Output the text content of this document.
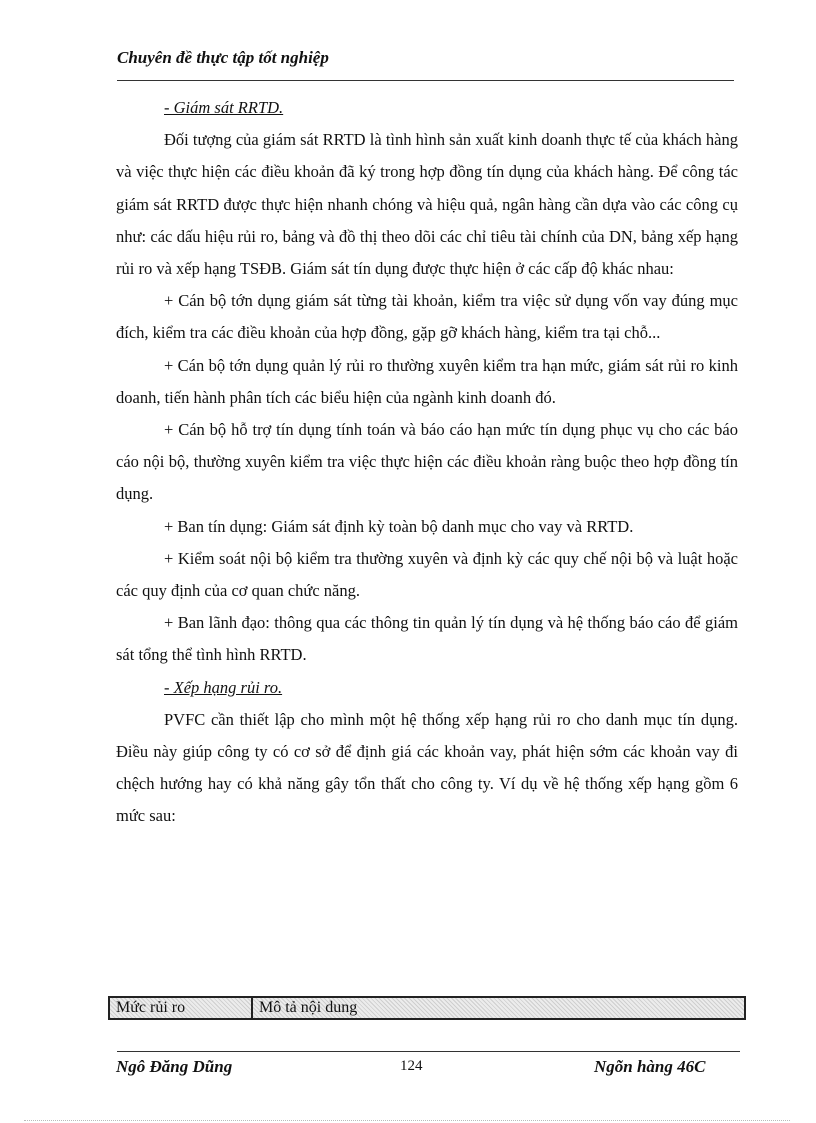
Chuyên đề thực tập tốt nghiệp

- Giám sát RRTD.

Đối tượng của giám sát RRTD là tình hình sản xuất kinh doanh thực tế của khách hàng và việc thực hiện các điều khoản đã ký trong hợp đồng tín dụng của khách hàng. Để công tác giám sát RRTD được thực hiện nhanh chóng và hiệu quả, ngân hàng cần dựa vào các công cụ như: các dấu hiệu rủi ro, bảng và đồ thị theo dõi các chỉ tiêu tài chính của DN, bảng xếp hạng rủi ro và xếp hạng TSĐB. Giám sát tín dụng được thực hiện ở các cấp độ khác nhau:

+ Cán bộ tớn dụng giám sát từng tài khoản, kiểm tra việc sử dụng vốn vay đúng mục đích, kiểm tra các điều khoản của hợp đồng, gặp gỡ khách hàng, kiểm tra tại chỗ...

+ Cán bộ tớn dụng quản lý rủi ro thường xuyên kiểm tra hạn mức, giám sát rủi ro kinh doanh, tiến hành phân tích các biểu hiện của ngành kinh doanh đó.

+ Cán bộ hỗ trợ tín dụng tính toán và báo cáo hạn mức tín dụng phục vụ cho các báo cáo nội bộ, thường xuyên kiểm tra việc thực hiện các điều khoản ràng buộc theo hợp đồng tín dụng.

+ Ban tín dụng: Giám sát định kỳ toàn bộ danh mục cho vay và RRTD.

+ Kiểm soát nội bộ kiểm tra thường xuyên và định kỳ các quy chế nội bộ và luật hoặc các quy định của cơ quan chức năng.

+ Ban lãnh đạo: thông qua các thông tin quản lý tín dụng và hệ thống báo cáo để giám sát tổng thể tình hình RRTD.

- Xếp hạng rủi ro.

PVFC cần thiết lập cho mình một hệ thống xếp hạng rủi ro cho danh mục tín dụng. Điều này giúp công ty có cơ sở để định giá các khoản vay, phát hiện sớm các khoản vay đi chệch hướng hay có khả năng gây tổn thất cho công ty. Ví dụ về hệ thống xếp hạng gồm 6 mức sau:

Mức rủi ro	Mô tả nội dung
Ngô Đăng Dũng	124	Ngõn hàng 46C
